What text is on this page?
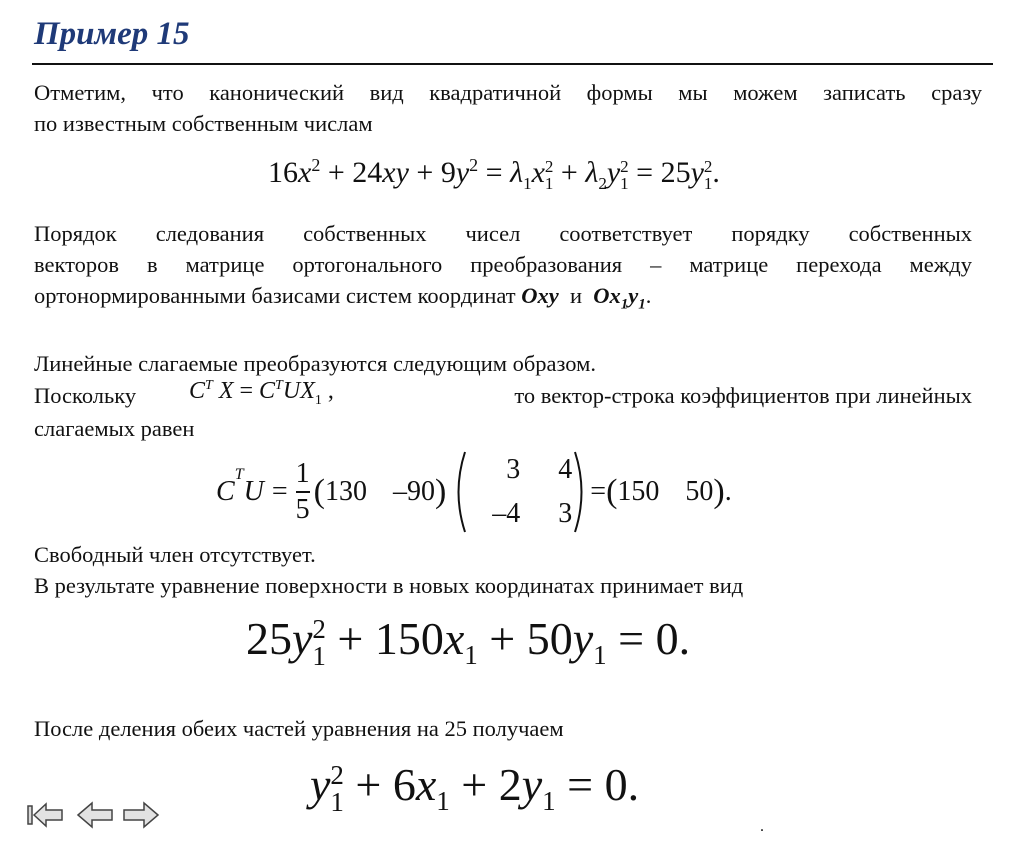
Пример 15
Отметим, что канонический вид квадратичной формы мы можем записать сразу
по известным собственным числам
$16x^2 + 24xy + 9y^2 = \lambda_1x$ 2
$1 + \lambda_2y$ 2
1 = 25y 2
1 .
Порядок следования собственных чисел соответствует порядку собственных
векторов в матрице ортогонального преобразования – матрице перехода между
ортонормированными базисами систем координат Oxy и $Ox_1y_1$.
Линейные слагаемые преобразуются следующим образом.
Поскольку $C^T$ $X = C^TUX_1$ ,	то вектор-строка коэффициентов при линейных
слагаемых равен
C
$^T$
$U = \frac{1}{5}$ ( 130 –90 )
3	4
–4	3
= ( 150 50 ) .
Свободный член отсутствует.
В результате уравнение поверхности в новых координатах принимает вид
25y 2
$1 + 150x_1 + 50y_1 = 0$.
После деления обеих частей уравнения на 25 получаем
y 2
$1 + 6x_1 + 2y_1 = 0$.
.
